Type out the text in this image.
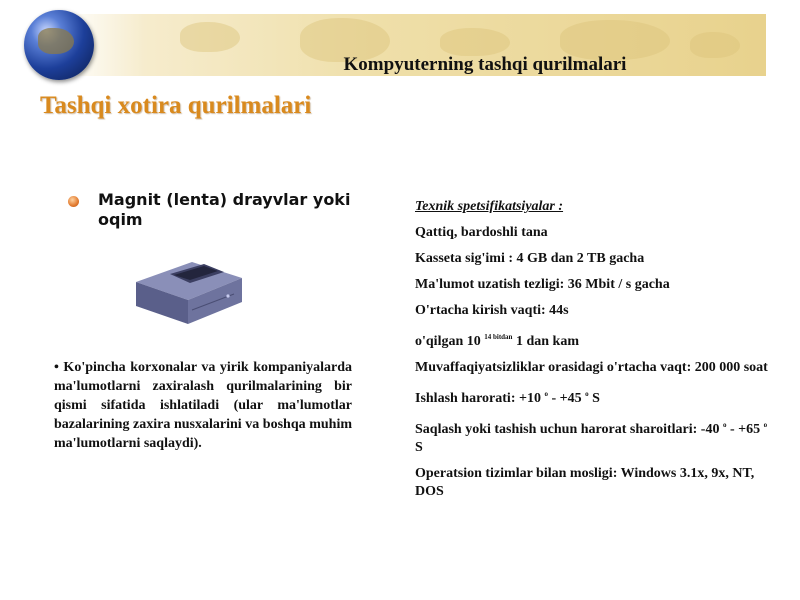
Kompyuterning tashqi qurilmalari
Tashqi xotira qurilmalari
Magnit (lenta) drayvlar yoki oqim
• Ko'pincha korxonalar va yirik kompaniyalarda ma'lumotlarni zaxiralash qurilmalarining bir qismi sifatida ishlatiladi (ular ma'lumotlar bazalarining zaxira nusxalarini va boshqa muhim ma'lumotlarni saqlaydi).
Texnik spetsifikatsiyalar :
Qattiq, bardoshli tana
Kasseta sig'imi : 4 GB dan 2 TB gacha
Ma'lumot uzatish tezligi: 36 Mbit / s gacha
O'rtacha kirish vaqti: 44s
o'qilgan 10 $^{14 bitdan}$ 1 dan kam
Muvaffaqiyatsizliklar orasidagi o'rtacha vaqt: 200 000 soat
Ishlash harorati: +10 $^o$ - +45 $^o$ S
Saqlash yoki tashish uchun harorat sharoitlari: -40 $^o$ - +65 $^o$ S
Operatsion tizimlar bilan mosligi: Windows 3.1x, 9x, NT, DOS
